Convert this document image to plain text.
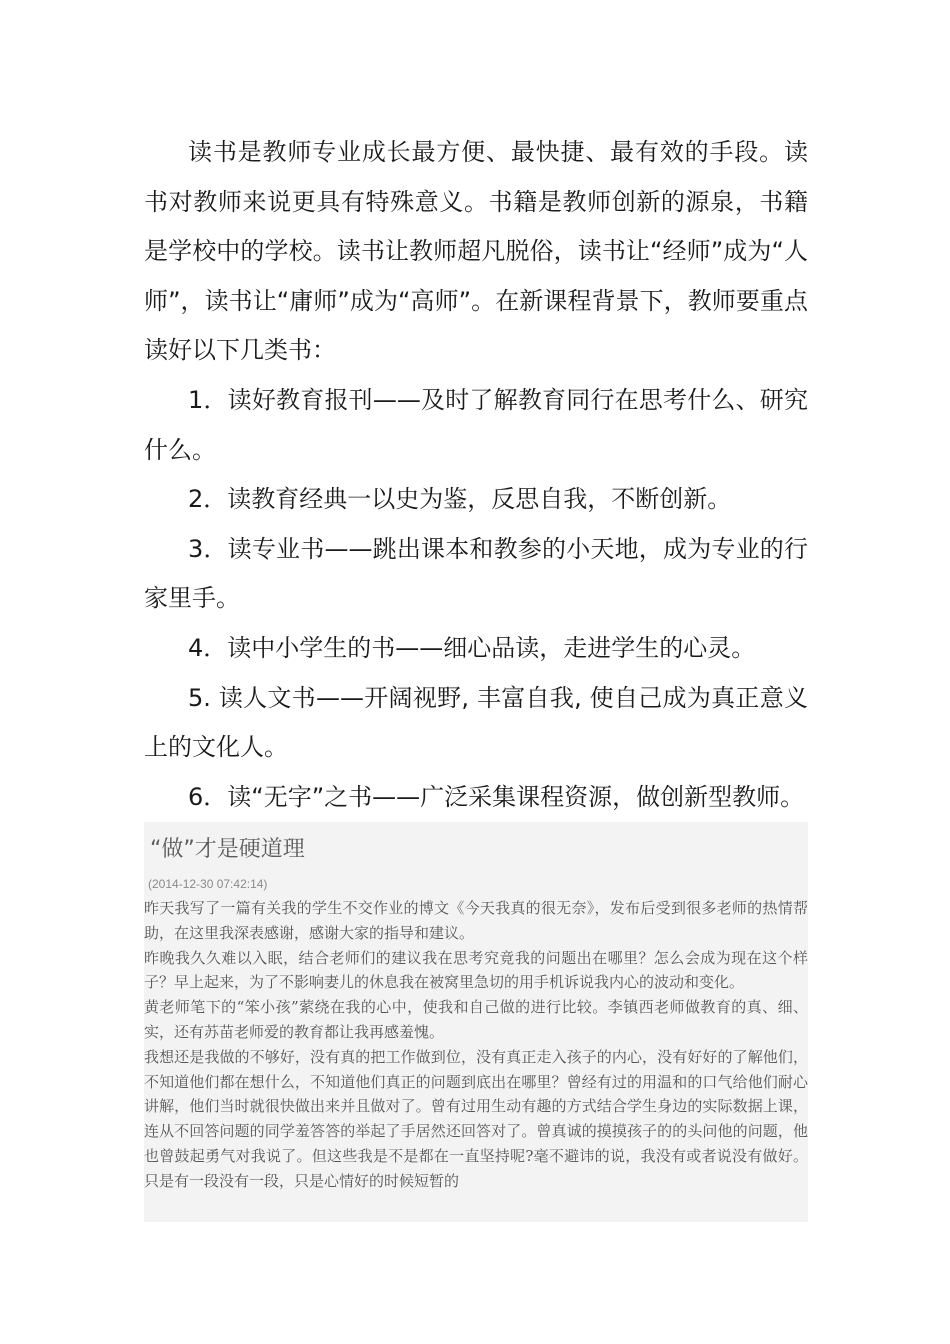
读书是教师专业成长最方便、最快捷、最有效的手段。读书对教师来说更具有特殊意义。书籍是教师创新的源泉，书籍是学校中的学校。读书让教师超凡脱俗，读书让“经师”成为“人师”，读书让“庸师”成为“高师”。在新课程背景下，教师要重点读好以下几类书：

1．读好教育报刊——及时了解教育同行在思考什么、研究什么。

2．读教育经典一以史为鉴，反思自我，不断创新。

3．读专业书——跳出课本和教参的小天地，成为专业的行家里手。

4．读中小学生的书——细心品读，走进学生的心灵。

5. 读人文书——开阔视野, 丰富自我, 使自己成为真正意义上的文化人。

6．读“无字”之书——广泛采集课程资源，做创新型教师。

“做”才是硬道理
(2014-12-30 07:42:14)

昨天我写了一篇有关我的学生不交作业的博文《今天我真的很无奈》，发布后受到很多老师的热情帮助，在这里我深表感谢，感谢大家的指导和建议。

昨晚我久久难以入眠，结合老师们的建议我在思考究竟我的问题出在哪里？怎么会成为现在这个样子？早上起来，为了不影响妻儿的休息我在被窝里急切的用手机诉说我内心的波动和变化。

黄老师笔下的“笨小孩”萦绕在我的心中，使我和自己做的进行比较。李镇西老师做教育的真、细、实，还有苏苗老师爱的教育都让我再感羞愧。

我想还是我做的不够好，没有真的把工作做到位，没有真正走入孩子的内心，没有好好的了解他们，不知道他们都在想什么，不知道他们真正的问题到底出在哪里？曾经有过的用温和的口气给他们耐心讲解，他们当时就很快做出来并且做对了。曾有过用生动有趣的方式结合学生身边的实际数据上课，连从不回答问题的同学羞答答的举起了手居然还回答对了。曾真诚的摸摸孩子的的头问他的问题，他也曾鼓起勇气对我说了。但这些我是不是都在一直坚持呢?毫不避讳的说，我没有或者说没有做好。只是有一段没有一段，只是心情好的时候短暂的
